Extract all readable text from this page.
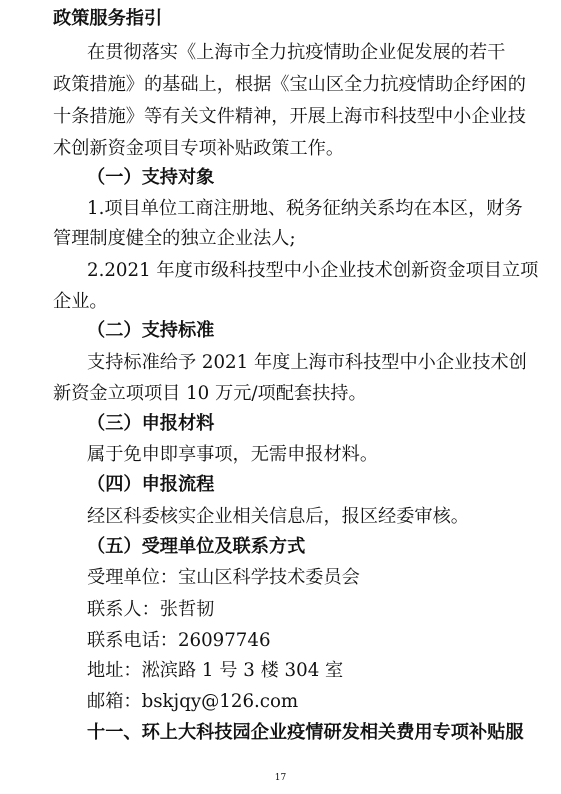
政策服务指引
在贯彻落实《上海市全力抗疫情助企业促发展的若干
政策措施》的基础上，根据《宝山区全力抗疫情助企纾困的
十条措施》等有关文件精神，开展上海市科技型中小企业技
术创新资金项目专项补贴政策工作。
（一）支持对象
1.项目单位工商注册地、税务征纳关系均在本区，财务
管理制度健全的独立企业法人;
2.2021 年度市级科技型中小企业技术创新资金项目立项
企业。
（二）支持标准
支持标准给予 2021 年度上海市科技型中小企业技术创
新资金立项项目 10 万元/项配套扶持。
（三）申报材料
属于免申即享事项，无需申报材料。
（四）申报流程
经区科委核实企业相关信息后，报区经委审核。
（五）受理单位及联系方式
受理单位：宝山区科学技术委员会
联系人：张哲韧
联系电话：26097746
地址：淞滨路 1 号 3 楼 304 室
邮箱：bskjqy@126.com
十一、环上大科技园企业疫情研发相关费用专项补贴服
17
